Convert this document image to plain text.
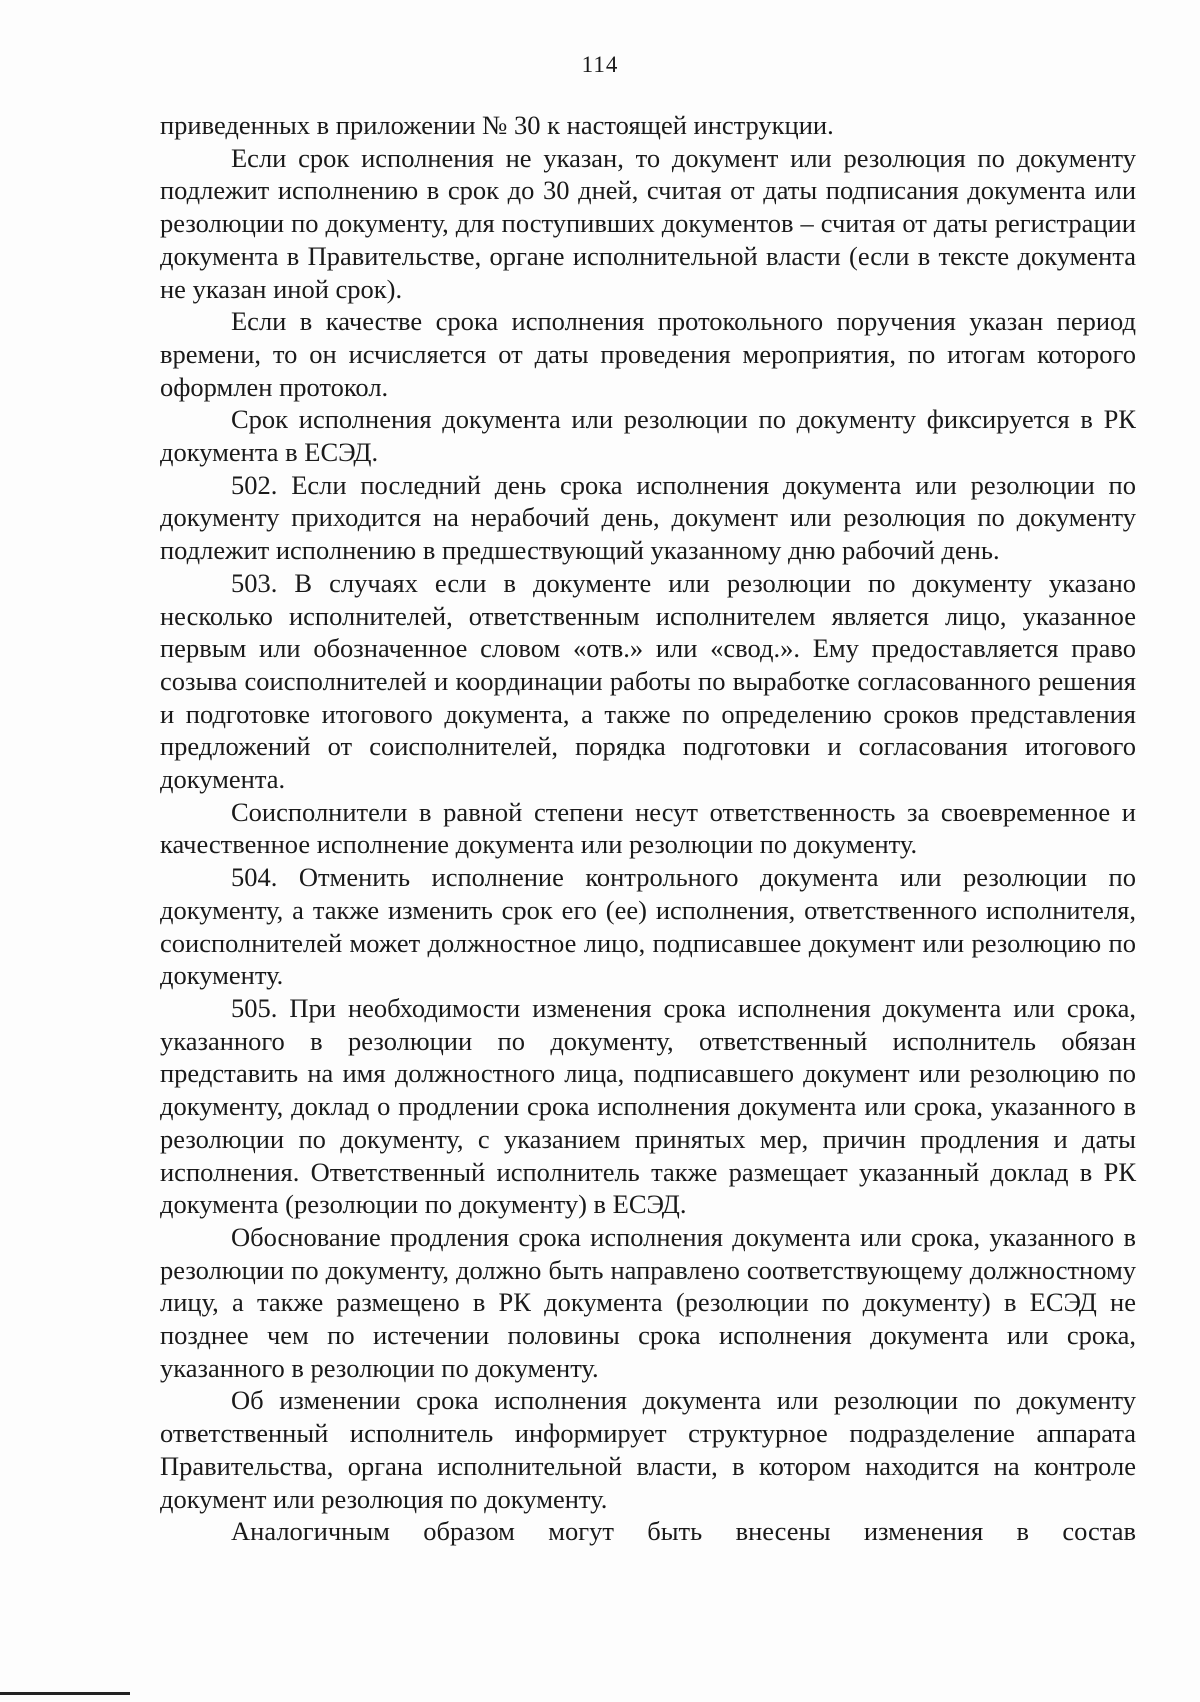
114

приведенных в приложении № 30 к настоящей инструкции.

Если срок исполнения не указан, то документ или резолюция по документу подлежит исполнению в срок до 30 дней, считая от даты подписания документа или резолюции по документу, для поступивших документов – считая от даты регистрации документа в Правительстве, органе исполнительной власти (если в тексте документа не указан иной срок).

Если в качестве срока исполнения протокольного поручения указан период времени, то он исчисляется от даты проведения мероприятия, по итогам которого оформлен протокол.

Срок исполнения документа или резолюции по документу фиксируется в РК документа в ЕСЭД.

502. Если последний день срока исполнения документа или резолюции по документу приходится на нерабочий день, документ или резолюция по документу подлежит исполнению в предшествующий указанному дню рабочий день.

503. В случаях если в документе или резолюции по документу указано несколько исполнителей, ответственным исполнителем является лицо, указанное первым или обозначенное словом «отв.» или «свод.». Ему предоставляется право созыва соисполнителей и координации работы по выработке согласованного решения и подготовке итогового документа, а также по определению сроков представления предложений от соисполнителей, порядка подготовки и согласования итогового документа.

Соисполнители в равной степени несут ответственность за своевременное и качественное исполнение документа или резолюции по документу.

504. Отменить исполнение контрольного документа или резолюции по документу, а также изменить срок его (ее) исполнения, ответственного исполнителя, соисполнителей может должностное лицо, подписавшее документ или резолюцию по документу.

505. При необходимости изменения срока исполнения документа или срока, указанного в резолюции по документу, ответственный исполнитель обязан представить на имя должностного лица, подписавшего документ или резолюцию по документу, доклад о продлении срока исполнения документа или срока, указанного в резолюции по документу, с указанием принятых мер, причин продления и даты исполнения. Ответственный исполнитель также размещает указанный доклад в РК документа (резолюции по документу) в ЕСЭД.

Обоснование продления срока исполнения документа или срока, указанного в резолюции по документу, должно быть направлено соответствующему должностному лицу, а также размещено в РК документа (резолюции по документу) в ЕСЭД не позднее чем по истечении половины срока исполнения документа или срока, указанного в резолюции по документу.

Об изменении срока исполнения документа или резолюции по документу ответственный исполнитель информирует структурное подразделение аппарата Правительства, органа исполнительной власти, в котором находится на контроле документ или резолюция по документу.

Аналогичным образом могут быть внесены изменения в состав
